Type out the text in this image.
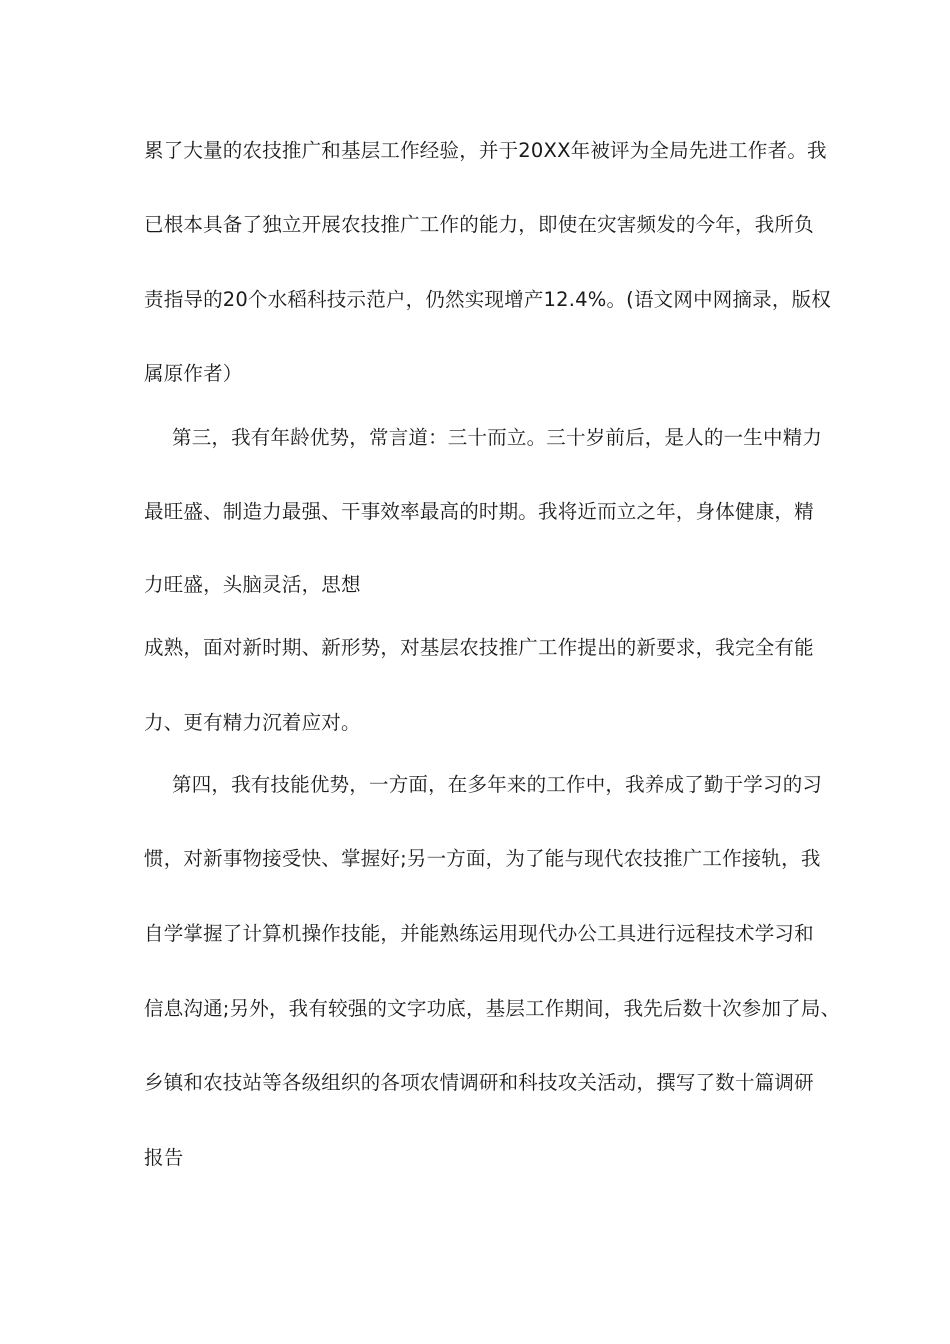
累了大量的农技推广和基层工作经验，并于20XX年被评为全局先进工作者。我
已根本具备了独立开展农技推广工作的能力，即使在灾害频发的今年，我所负
责指导的20个水稻科技示范户，仍然实现增产12.4%。(语文网中网摘录，版权
属原作者）
第三，我有年龄优势，常言道：三十而立。三十岁前后，是人的一生中精力
最旺盛、制造力最强、干事效率最高的时期。我将近而立之年，身体健康，精
力旺盛，头脑灵活，思想
成熟，面对新时期、新形势，对基层农技推广工作提出的新要求，我完全有能
力、更有精力沉着应对。
第四，我有技能优势，一方面，在多年来的工作中，我养成了勤于学习的习
惯，对新事物接受快、掌握好;另一方面，为了能与现代农技推广工作接轨，我
自学掌握了计算机操作技能，并能熟练运用现代办公工具进行远程技术学习和
信息沟通;另外，我有较强的文字功底，基层工作期间，我先后数十次参加了局、
乡镇和农技站等各级组织的各项农情调研和科技攻关活动，撰写了数十篇调研
报告
